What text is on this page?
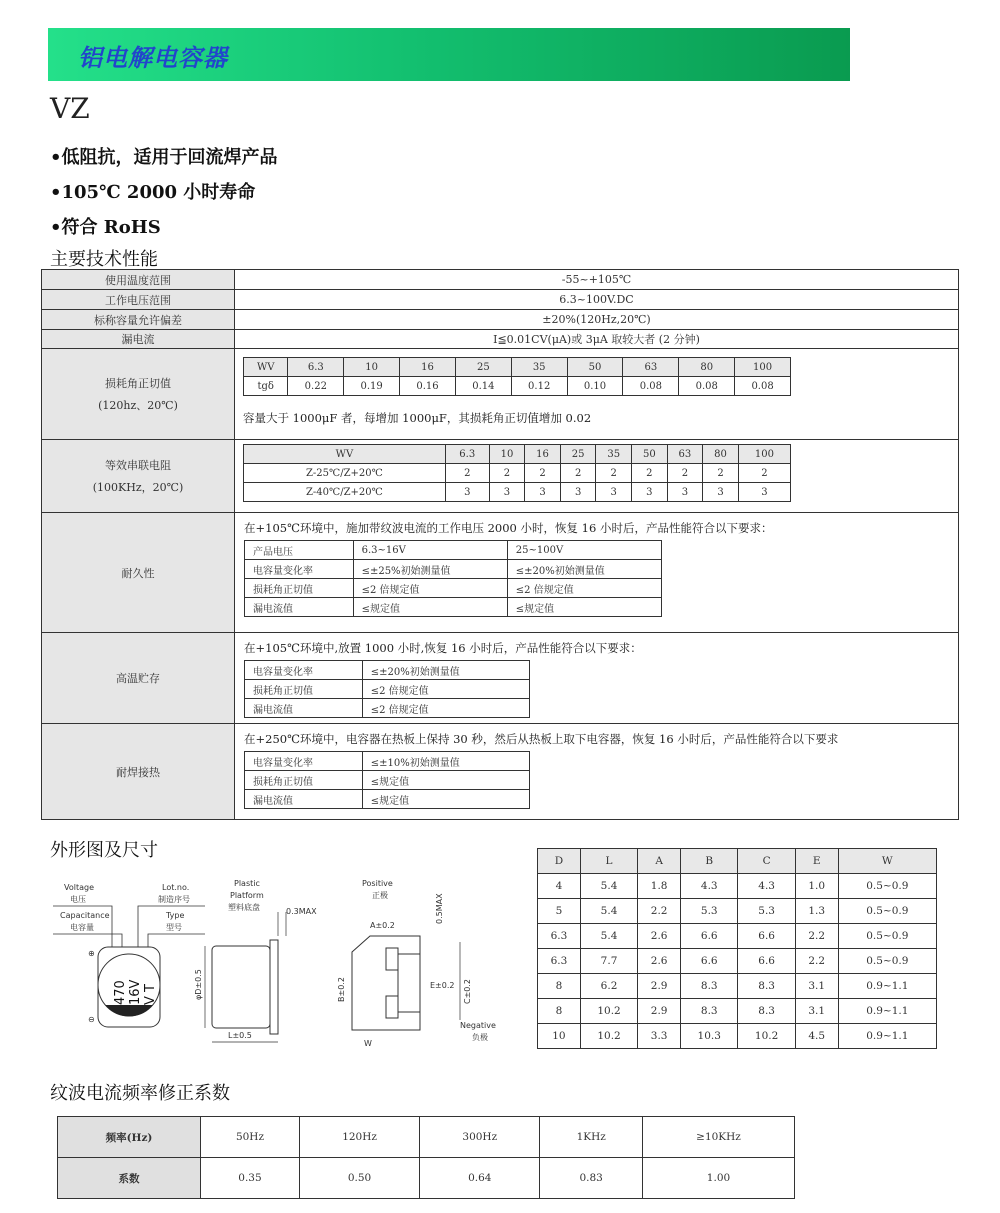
铝电解电容器
VZ
•低阻抗，适用于回流焊产品
•105℃ 2000 小时寿命
•符合 RoHS
主要技术性能
使用温度范围	-55~+105℃
工作电压范围	6.3~100V.DC
标称容量允许偏差	±20%(120Hz,20℃)
漏电流	I≦0.01CV(μA)或 3μA 取较大者 (2 分钟)

损耗角正切值
(120hz、20℃)

WV	6.3	10	16	25	35	50	63	80	100
tgδ	0.22	0.19	0.16	0.14	0.12	0.10	0.08	0.08	0.08
容量大于 1000μF 者，每增加 1000μF，其损耗角正切值增加 0.02

等效串联电阻
(100KHz，20℃)

WV	6.3	10	16	25	35	50	63	80	100
Z-25℃/Z+20℃	2	2	2	2	2	2	2	2	2
Z-40℃/Z+20℃	3	3	3	3	3	3	3	3	3

耐久性	
在+105℃环境中，施加带纹波电流的工作电压 2000 小时，恢复 16 小时后，产品性能符合以下要求：
产品电压	6.3~16V	25~100V
电容量变化率	≤±25%初始测量值	≤±20%初始测量值
损耗角正切值	≤2 倍规定值	≤2 倍规定值
漏电流值	≤规定值	≤规定值

高温贮存	
在+105℃环境中,放置 1000 小时,恢复 16 小时后，产品性能符合以下要求：
电容量变化率	≤±20%初始测量值
损耗角正切值	≤2 倍规定值
漏电流值	≤2 倍规定值

耐焊接热	
在+250℃环境中，电容器在热板上保持 30 秒，然后从热板上取下电容器，恢复 16 小时后，产品性能符合以下要求
电容量变化率	≤±10%初始测量值
损耗角正切值	≤规定值
漏电流值	≤规定值
外形图及尺寸
Voltage
电压
Capacitance
电容量
Lot.no.
制造序号
Type
型号
⊕
⊖
470 16V V T
Plastic
Platform
塑料底盘	0.3MAX
φD±0.5
L±0.5
Positive
正极
A±0.2
B±0.2
0.5MAX
C±0.2
E±0.2
W
Negative
负极
D	L	A	B	C	E	W
4	5.4	1.8	4.3	4.3	1.0	0.5~0.9
5	5.4	2.2	5.3	5.3	1.3	0.5~0.9
6.3	5.4	2.6	6.6	6.6	2.2	0.5~0.9
6.3	7.7	2.6	6.6	6.6	2.2	0.5~0.9
8	6.2	2.9	8.3	8.3	3.1	0.9~1.1
8	10.2	2.9	8.3	8.3	3.1	0.9~1.1
10	10.2	3.3	10.3	10.2	4.5	0.9~1.1
纹波电流频率修正系数
频率(Hz)	50Hz	120Hz	300Hz	1KHz	≥10KHz
系数	0.35	0.50	0.64	0.83	1.00
